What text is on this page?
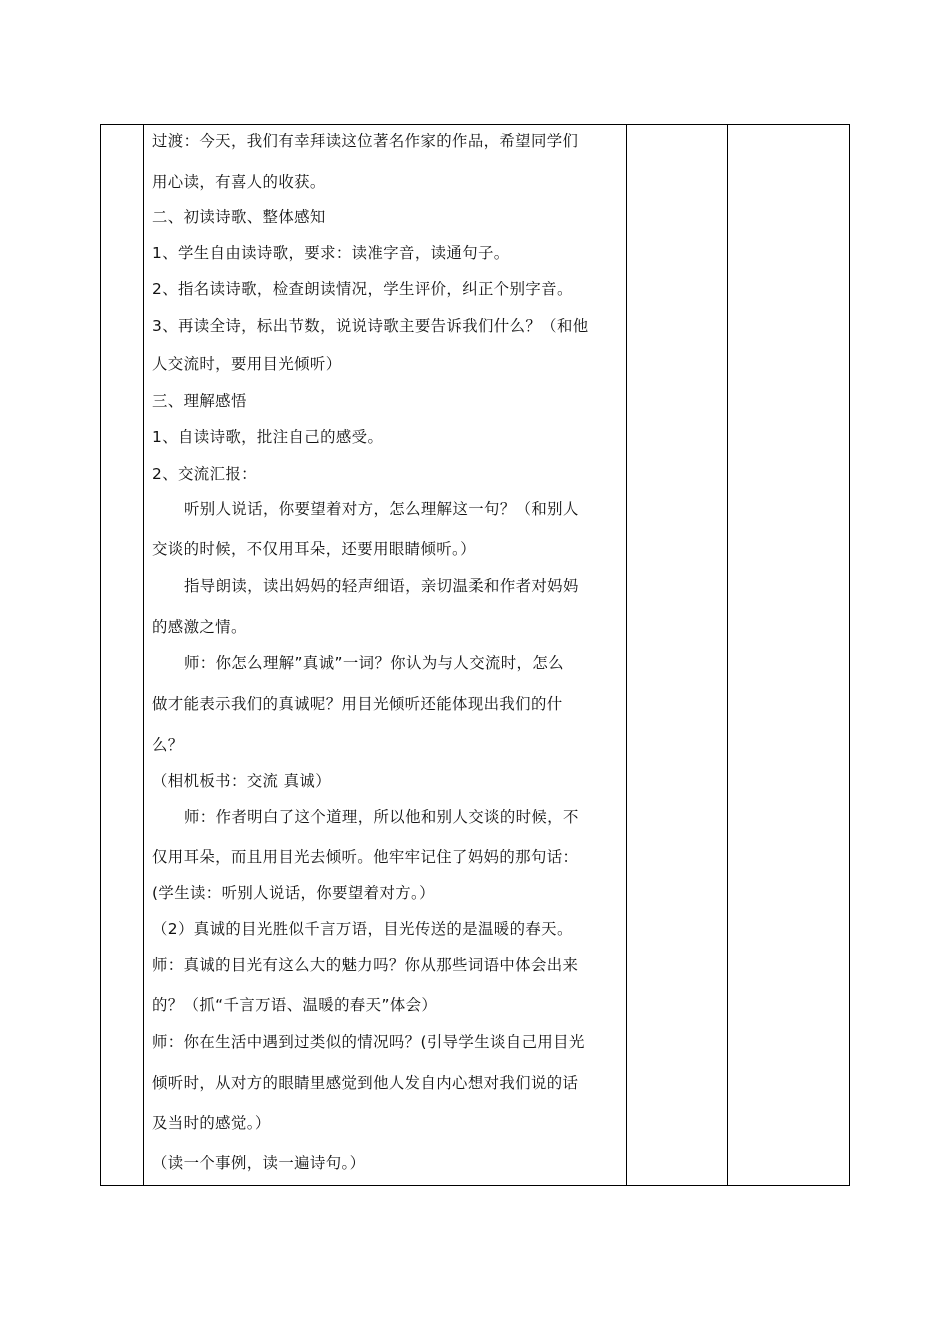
过渡：今天，我们有幸拜读这位著名作家的作品，希望同学们
用心读，有喜人的收获。
二、初读诗歌、整体感知
1、学生自由读诗歌，要求：读准字音，读通句子。
2、指名读诗歌，检查朗读情况，学生评价，纠正个别字音。
3、再读全诗，标出节数，说说诗歌主要告诉我们什么？（和他
人交流时，要用目光倾听）
三、理解感悟
1、自读诗歌，批注自己的感受。
2、交流汇报：
听别人说话，你要望着对方，怎么理解这一句？（和别人
交谈的时候，不仅用耳朵，还要用眼睛倾听。）
指导朗读，读出妈妈的轻声细语，亲切温柔和作者对妈妈
的感激之情。
师：你怎么理解”真诚”一词？你认为与人交流时，怎么
做才能表示我们的真诚呢？用目光倾听还能体现出我们的什
么？
（相机板书：交流 真诚）
师：作者明白了这个道理，所以他和别人交谈的时候，不
仅用耳朵，而且用目光去倾听。他牢牢记住了妈妈的那句话：
(学生读：听别人说话，你要望着对方。）
（2）真诚的目光胜似千言万语，目光传送的是温暖的春天。
师：真诚的目光有这么大的魅力吗？你从那些词语中体会出来
的？（抓“千言万语、温暖的春天”体会）
师：你在生活中遇到过类似的情况吗？(引导学生谈自己用目光
倾听时，从对方的眼睛里感觉到他人发自内心想对我们说的话
及当时的感觉。）
（读一个事例，读一遍诗句。）
